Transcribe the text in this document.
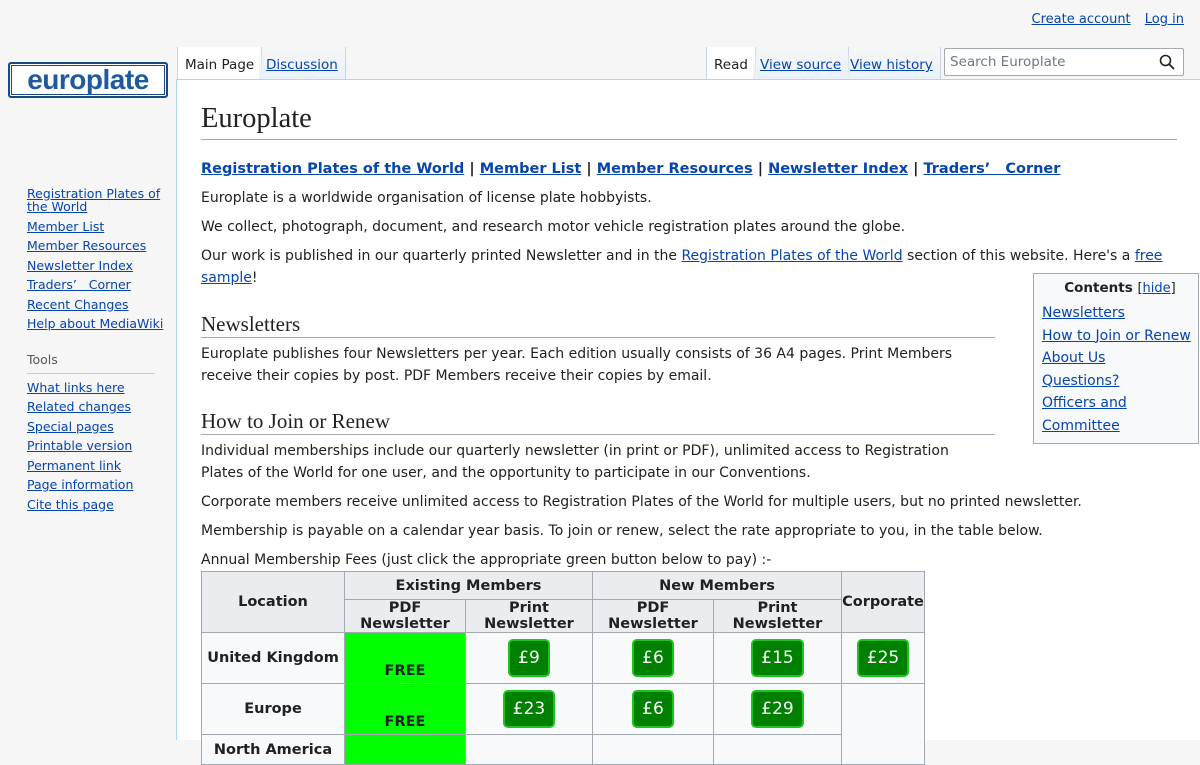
Create account Log in
europlate
Registration Plates of the World
Member List
Member Resources
Newsletter Index
Traders’   Corner
Recent Changes
Help about MediaWiki
Tools
What links here
Related changes
Special pages
Printable version
Permanent link
Page information
Cite this page
Main Page Discussion	Read View source View history
Search Europlate
Europlate

Registration Plates of the World | Member List | Member Resources | Newsletter Index | Traders’   Corner

Europlate is a worldwide organisation of license plate hobbyists.

We collect, photograph, document, and research motor vehicle registration plates around the globe.

Our work is published in our quarterly printed Newsletter and in the Registration Plates of the World section of this website. Here's a free sample!

Newsletters

Europlate publishes four Newsletters per year. Each edition usually consists of 36 A4 pages. Print Members receive their copies by post. PDF Members receive their copies by email.

How to Join or Renew

Individual memberships include our quarterly newsletter (in print or PDF), unlimited access to Registration Plates of the World for one user, and the opportunity to participate in our Conventions.

Corporate members receive unlimited access to Registration Plates of the World for multiple users, but no printed newsletter.

Membership is payable on a calendar year basis. To join or renew, select the rate appropriate to you, in the table below.

Annual Membership Fees (just click the appropriate green button below to pay) :-

Contents [hide]
Newsletters
How to Join or Renew
About Us
Questions?
Officers and Committee
Location	Existing Members		New Members		Corporate
	PDF Newsletter	Print Newsletter	PDF Newsletter	Print Newsletter	
United Kingdom	FREE	£9	£6	£15	£25
Europe	FREE	£23	£6	£29	
North America					
